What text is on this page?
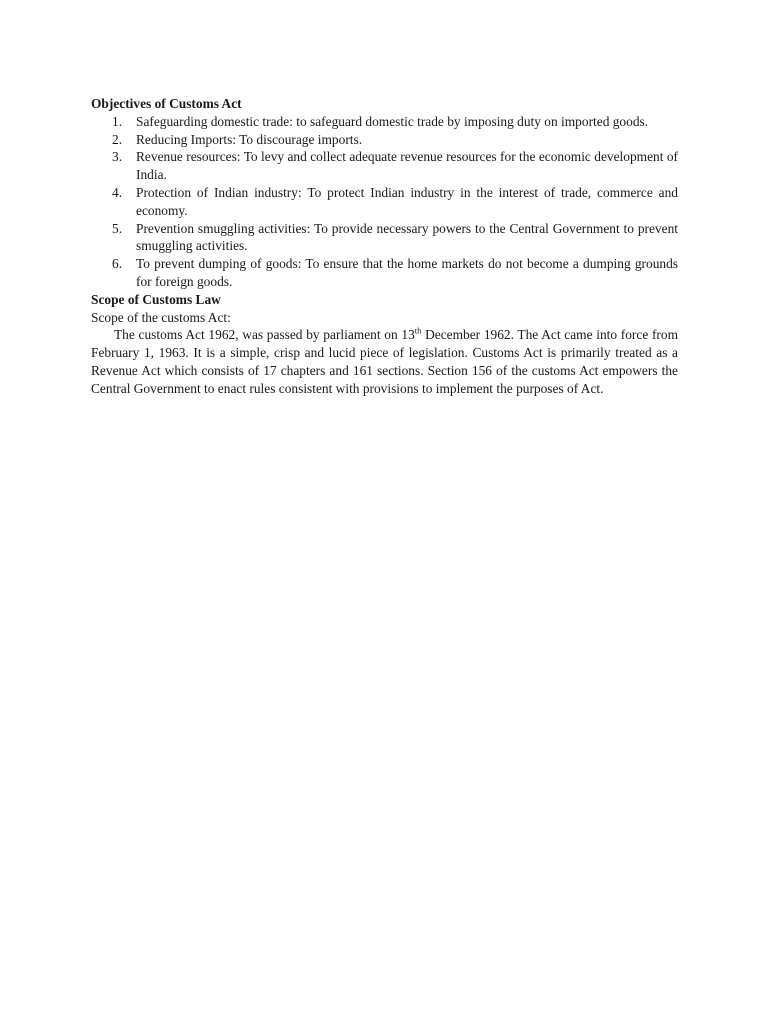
Objectives of Customs Act

1.	Safeguarding domestic trade: to safeguard domestic trade by imposing duty on imported goods.
2.	Reducing Imports: To discourage imports.
3.	Revenue resources: To levy and collect adequate revenue resources for the economic development of India.
4.	Protection of Indian industry: To protect Indian industry in the interest of trade, commerce and economy.
5.	Prevention smuggling activities: To provide necessary powers to the Central Government to prevent smuggling activities.
6.	To prevent dumping of goods: To ensure that the home markets do not become a dumping grounds for foreign goods.

Scope of Customs Law

Scope of the customs Act:

The customs Act 1962, was passed by parliament on 13th December 1962. The Act came into force from February 1, 1963. It is a simple, crisp and lucid piece of legislation. Customs Act is primarily treated as a Revenue Act which consists of 17 chapters and 161 sections. Section 156 of the customs Act empowers the Central Government to enact rules consistent with provisions to implement the purposes of Act.
